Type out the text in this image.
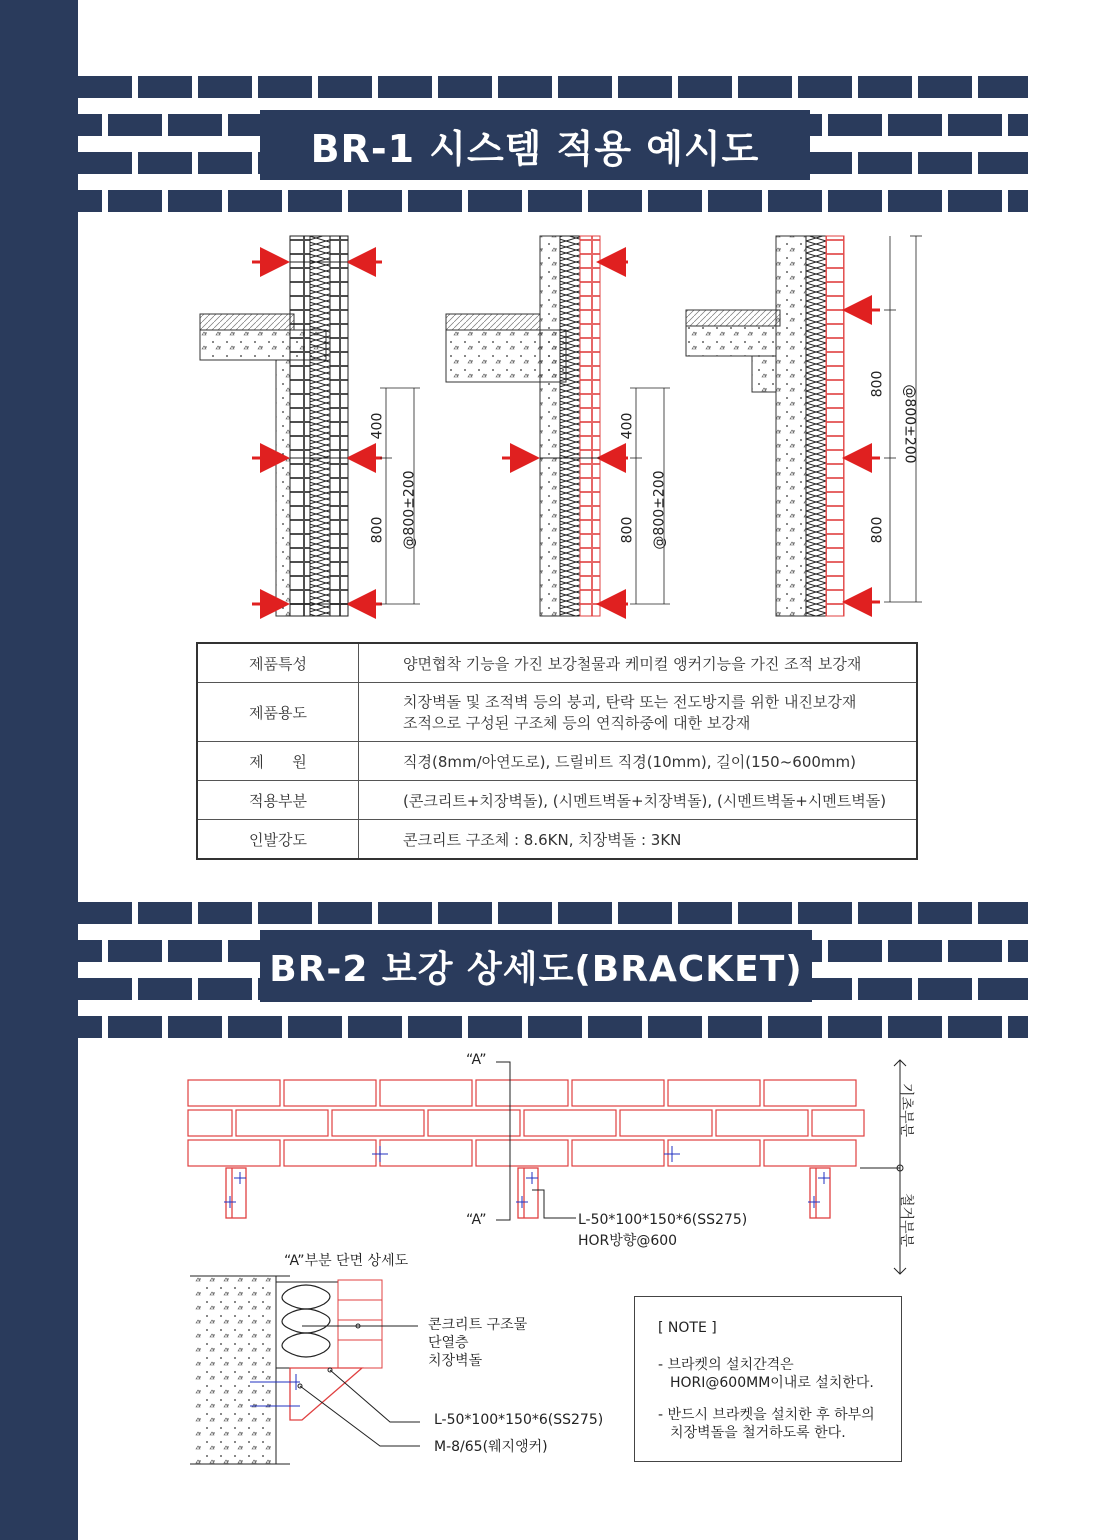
BR-1 시스템 적용 예시도
400
800 @800±200
400
800 @800±200
800
800
@800±200
제품특성	양면협착 기능을 가진 보강철물과 케미컬 앵커기능을 가진 조적 보강재
제품용도	치장벽돌 및 조적벽 등의 붕괴, 탄락 또는 전도방지를 위한 내진보강재
조적으로 구성된 구조체 등의 연직하중에 대한 보강재

제      원	직경(8mm/아연도로), 드릴비트 직경(10mm), 길이(150~600mm)
적용부분	(콘크리트+치장벽돌), (시멘트벽돌+치장벽돌), (시멘트벽돌+시멘트벽돌)
인발강도	콘크리트 구조체 : 8.6KN, 치장벽돌 : 3KN
BR-2 보강 상세도(BRACKET)
“A”
“A”	L-50*100*150*6(SS275)
HOR방향@600
기초부분
철거부분
“A”부분 단면 상세도
콘크리트 구조물
단열층
치장벽돌
L-50*100*150*6(SS275)
M-8/65(웨지앵커)
[ NOTE ]
- 브라켓의 설치간격은
HORI@600MM이내로 설치한다.
- 반드시 브라켓을 설치한 후 하부의
치장벽돌을 철거하도록 한다.
